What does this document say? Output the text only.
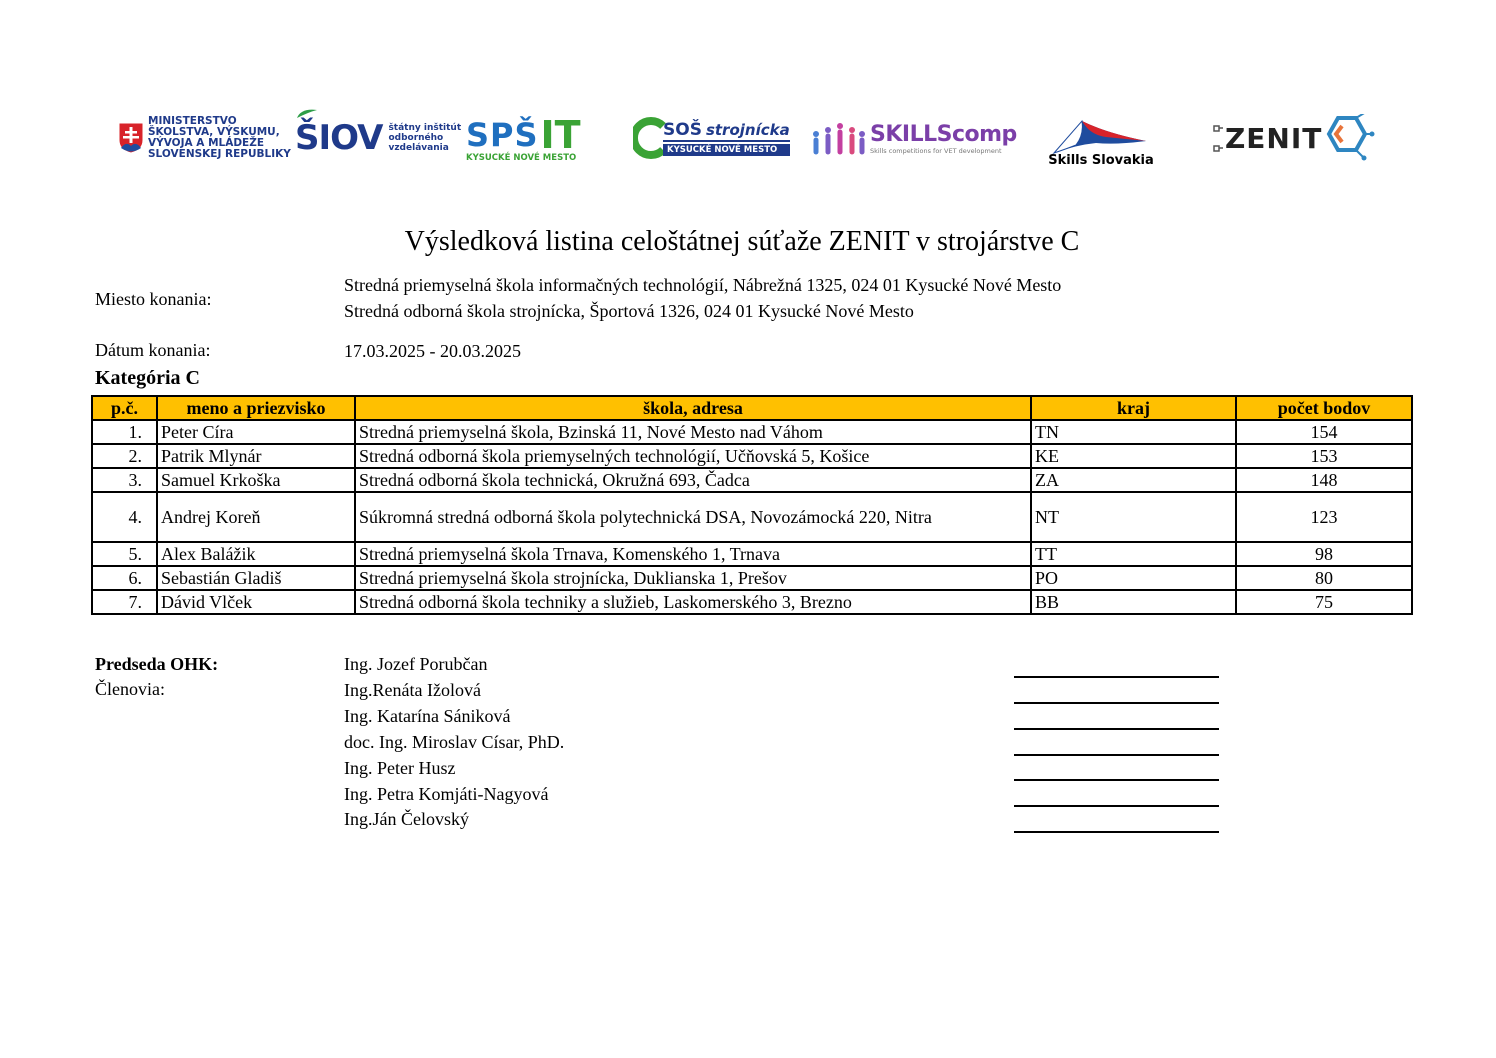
MINISTERSTVO
ŠKOLSTVA, VÝSKUMU,
VÝVOJA A MLÁDEŽE
SLOVENSKEJ REPUBLIKY ŠIOV štátny inštitút
odborného
vzdelávania SPŠ IT
KYSUCKÉ NOVÉ MESTO
SOŠ strojnícka
KYSUCKÉ NOVÉ MESTO
SKILLScomp
Skills competitions for VET development
Skills Slovakia
ZENIT
Výsledková listina celoštátnej súťaže ZENIT v strojárstve C
Miesto konania:
Stredná priemyselná škola informačných technológií, Nábrežná 1325, 024 01 Kysucké Nové Mesto
Stredná odborná škola strojnícka, Športová 1326, 024 01 Kysucké Nové Mesto
Dátum konania:	17.03.2025 - 20.03.2025
Kategória C
p.č.	meno a priezvisko	škola, adresa	kraj	počet bodov
1.	Peter Círa	Stredná priemyselná škola, Bzinská 11, Nové Mesto nad Váhom	TN	154
2.	Patrik Mlynár	Stredná odborná škola priemyselných technológií, Učňovská 5, Košice	KE	153
3.	Samuel Krkoška	Stredná odborná škola technická, Okružná 693, Čadca	ZA	148
4.	Andrej Koreň	Súkromná stredná odborná škola polytechnická DSA, Novozámocká 220, Nitra	NT	123
5.	Alex Balážik	Stredná priemyselná škola Trnava, Komenského 1, Trnava	TT	98
6.	Sebastián Gladiš	Stredná priemyselná škola strojnícka, Duklianska 1, Prešov	PO	80
7.	Dávid Vlček	Stredná odborná škola techniky a služieb, Laskomerského 3, Brezno	BB	75
Predseda OHK:
Členovia:
Ing. Jozef Porubčan
Ing.Renáta Ižolová
Ing. Katarína Sániková
doc. Ing. Miroslav Císar, PhD.
Ing. Peter Husz
Ing. Petra Komjáti-Nagyová
Ing.Ján Čelovský
